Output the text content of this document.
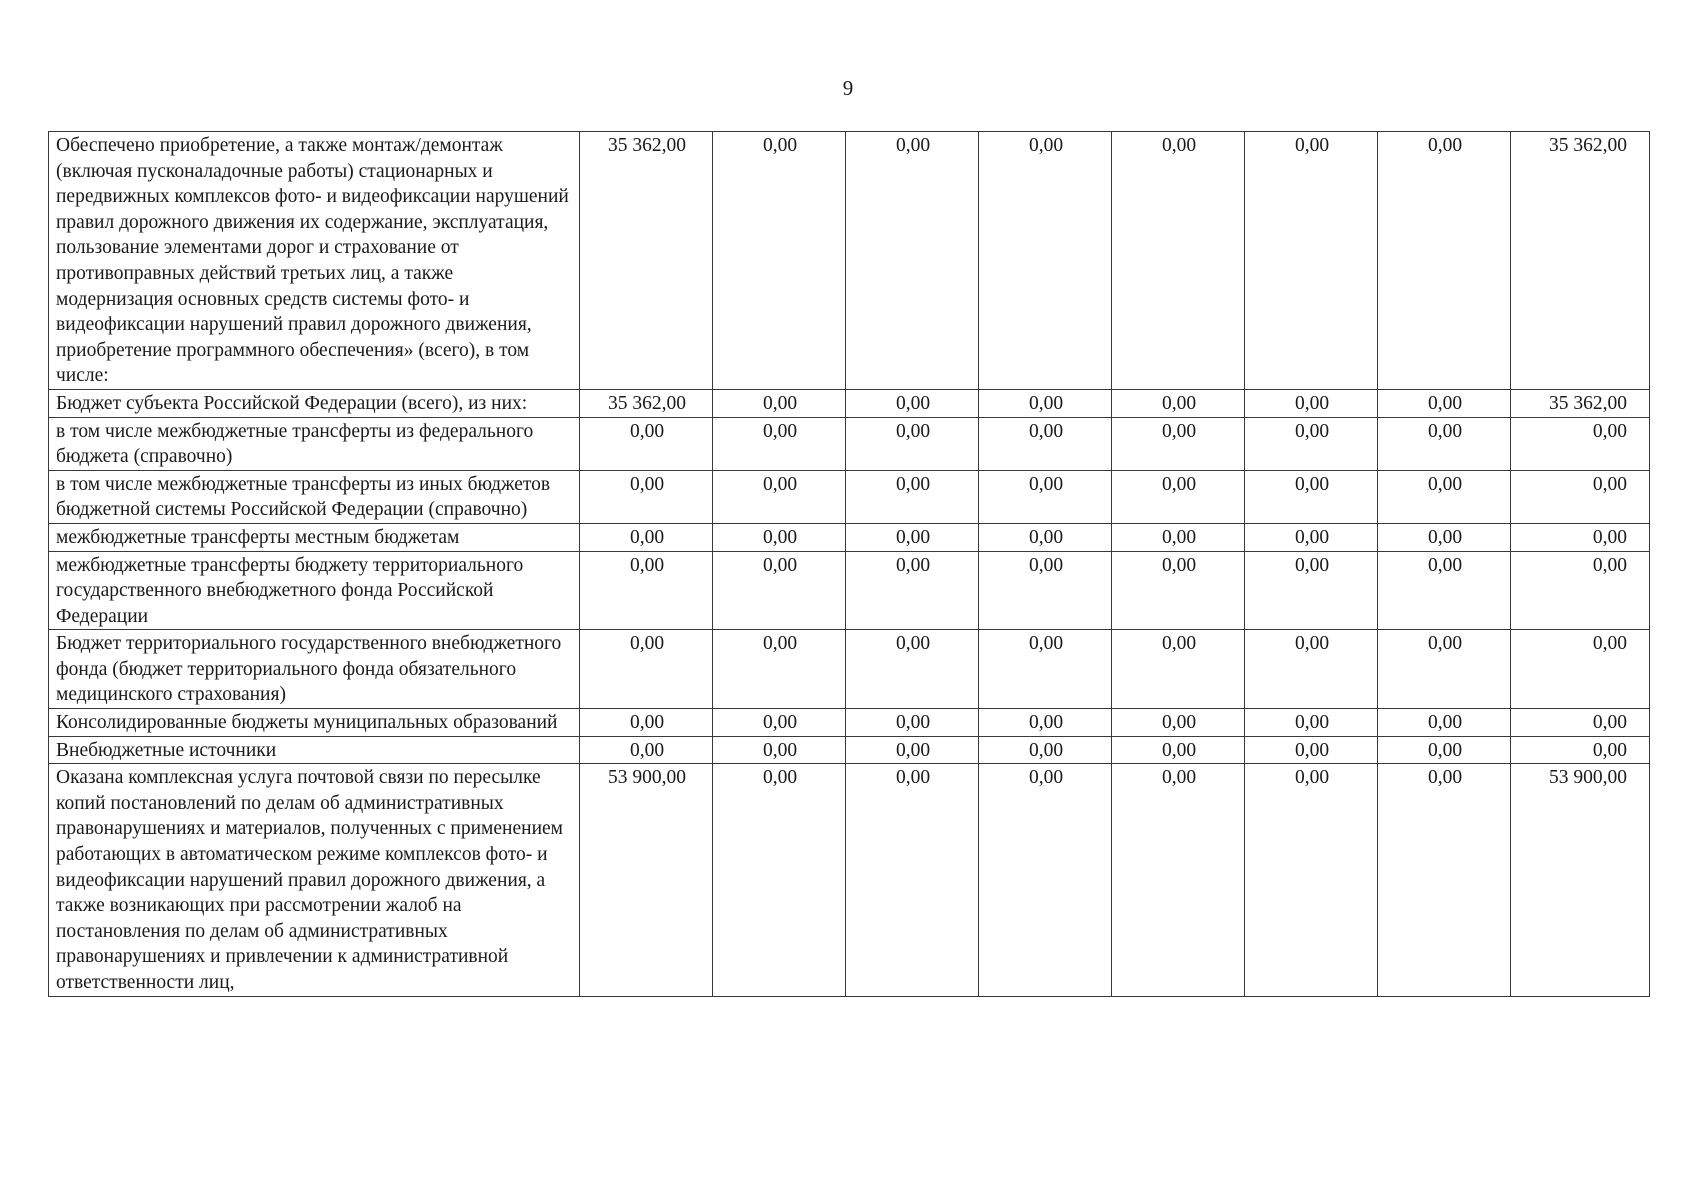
9
Обеспечено приобретение, а также монтаж/демонтаж (включая пусконаладочные работы) стационарных и передвижных комплексов фото- и видеофиксации нарушений правил дорожного движения их содержание, эксплуатация, пользование элементами дорог и страхование от противоправных действий третьих лиц, а также модернизация основных средств системы фото- и видеофиксации нарушений правил дорожного движения, приобретение программного обеспечения» (всего), в том числе:	35 362,00	0,00	0,00	0,00	0,00	0,00	0,00	35 362,00
Бюджет субъекта Российской Федерации (всего), из них:	35 362,00	0,00	0,00	0,00	0,00	0,00	0,00	35 362,00
в том числе межбюджетные трансферты из федерального бюджета (справочно)	0,00	0,00	0,00	0,00	0,00	0,00	0,00	0,00
в том числе межбюджетные трансферты из иных бюджетов бюджетной системы Российской Федерации (справочно)	0,00	0,00	0,00	0,00	0,00	0,00	0,00	0,00
межбюджетные трансферты местным бюджетам	0,00	0,00	0,00	0,00	0,00	0,00	0,00	0,00
межбюджетные трансферты бюджету территориального государственного внебюджетного фонда Российской Федерации	0,00	0,00	0,00	0,00	0,00	0,00	0,00	0,00
Бюджет территориального государственного внебюджетного фонда (бюджет территориального фонда обязательного медицинского страхования)	0,00	0,00	0,00	0,00	0,00	0,00	0,00	0,00
Консолидированные бюджеты муниципальных образований	0,00	0,00	0,00	0,00	0,00	0,00	0,00	0,00
Внебюджетные источники	0,00	0,00	0,00	0,00	0,00	0,00	0,00	0,00
Оказана комплексная услуга почтовой связи по пересылке копий постановлений по делам об административных правонарушениях и материалов, полученных с применением работающих в автоматическом режиме комплексов фото- и видеофиксации нарушений правил дорожного движения, а также возникающих при рассмотрении жалоб на постановления по делам об административных правонарушениях и привлечении к административной ответственности лиц,	53 900,00	0,00	0,00	0,00	0,00	0,00	0,00	53 900,00
